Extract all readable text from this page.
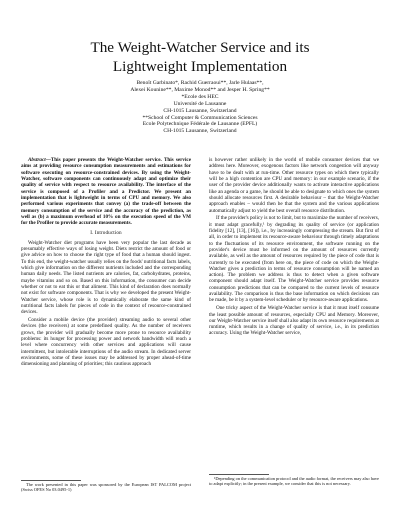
The Weight-Watcher Service and its
Lightweight Implementation
Benoît Garbinato*, Rachid Guerraoui**, Jarle Hulaas**,
Alexei Kounine**, Maxime Monod** and Jesper H. Spring**
*Ecole des HEC
Université de Lausanne
CH-1015 Lausanne, Switzerland
**School of Computer & Communication Sciences
Ecole Polytechnique Fédérale de Lausanne (EPFL)
CH-1015 Lausanne, Switzerland

Abstract—This paper presents the Weight-Watcher service. This service aims at providing resource consumption measurements and estimations for software executing on resource-constrained devices. By using the Weight-Watcher, software components can continuously adapt and optimize their quality of service with respect to resource availability. The interface of the service is composed of a Profiler and a Predictor. We present an implementation that is lightweight in terms of CPU and memory. We also performed various experiments that convey (a) the trade-off between the memory consumption of the service and the accuracy of the prediction, as well as (b) a maximum overhead of 10% on the execution speed of the VM for the Profiler to provide accurate measurements.

I. Introduction

Weight-Watcher diet programs have been very popular the last decade as presumably effective ways of losing weight. Diets restrict the amount of food or give advice on how to choose the right type of food that a human should ingest. To this end, the weight-watcher usually relies on the foods' nutritional facts labels, which give information on the different nutrients included and the corresponding human daily needs. The listed nutrients are calories, fat, carbohydrates, proteins, maybe vitamins and so on. Based on this information, the consumer can decide whether or not to eat this or that aliment. This kind of declaration does normally not exist for software components. That is why we developed the present Weight-Watcher service, whose role is to dynamically elaborate the same kind of nutritional facts labels for pieces of code in the context of resource-constrained devices.

Consider a mobile device (the provider) streaming audio to several other devices (the receivers) at some predefined quality. As the number of receivers grows, the provider will gradually become more prone to resource availability problems: its hunger for processing power and network bandwidth will reach a level where concurrency with other services and applications will cause intermittent, but intolerable interruptions of the audio stream. In dedicated server environments, some of these issues may be addressed by proper ahead-of-time dimensioning and planning of priorities; this cautious approach

is however rather unlikely in the world of mobile consumer devices that we address here. Moreover, exogenous factors like network congestion will anyway have to be dealt with at run-time. Other resource types on which there typically will be a high contention are CPU and memory: in our example scenario, if the user of the provider device additionally wants to activate interactive applications like an agenda or a game, he should be able to designate to which ones the system should allocate resources first. A desirable behaviour – that the Weight-Watcher approach enables – would then be that the system and the various applications automatically adjust to yield the best overall resource distribution.

If the provider's policy is not to limit, but to maximize the number of receivers, it must adapt gracefully,¹ by degrading its quality of service (or application fidelity [12], [13], [16]), i.e., by increasingly compressing the stream. But first of all, in order to implement its resource-aware behaviour through timely adaptations to the fluctuations of its resource environment, the software running on the provider's device must be informed on the amount of resources currently available, as well as the amount of resources required by the piece of code that is currently to be executed (from here on, the piece of code on which the Weight-Watcher gives a prediction in terms of resource consumption will be named an action). The problem we address is thus to detect when a given software component should adapt itself. The Weight-Watcher service provides resource consumption predictions that can be compared to the current levels of resource availability. The comparison is thus the base information on which decisions can be made, be it by a system-level scheduler or by resource-aware applications.

One tricky aspect of the Weight-Watcher service is that it must itself consume the least possible amount of resources, especially CPU and Memory. Moreover, our Weight-Watcher service itself shall also adapt its own resource requirements at runtime, which results in a change of quality of service, i.e., in its prediction accuracy. Using the Weight-Watcher service,

The work presented in this paper was sponsored by the European IST PALCOM project (Swiss OFES No 03.0495-1)
¹Depending on the communication protocol and the audio format, the receivers may also have to adapt explicitly; in the present example, we consider that this is not necessary.
